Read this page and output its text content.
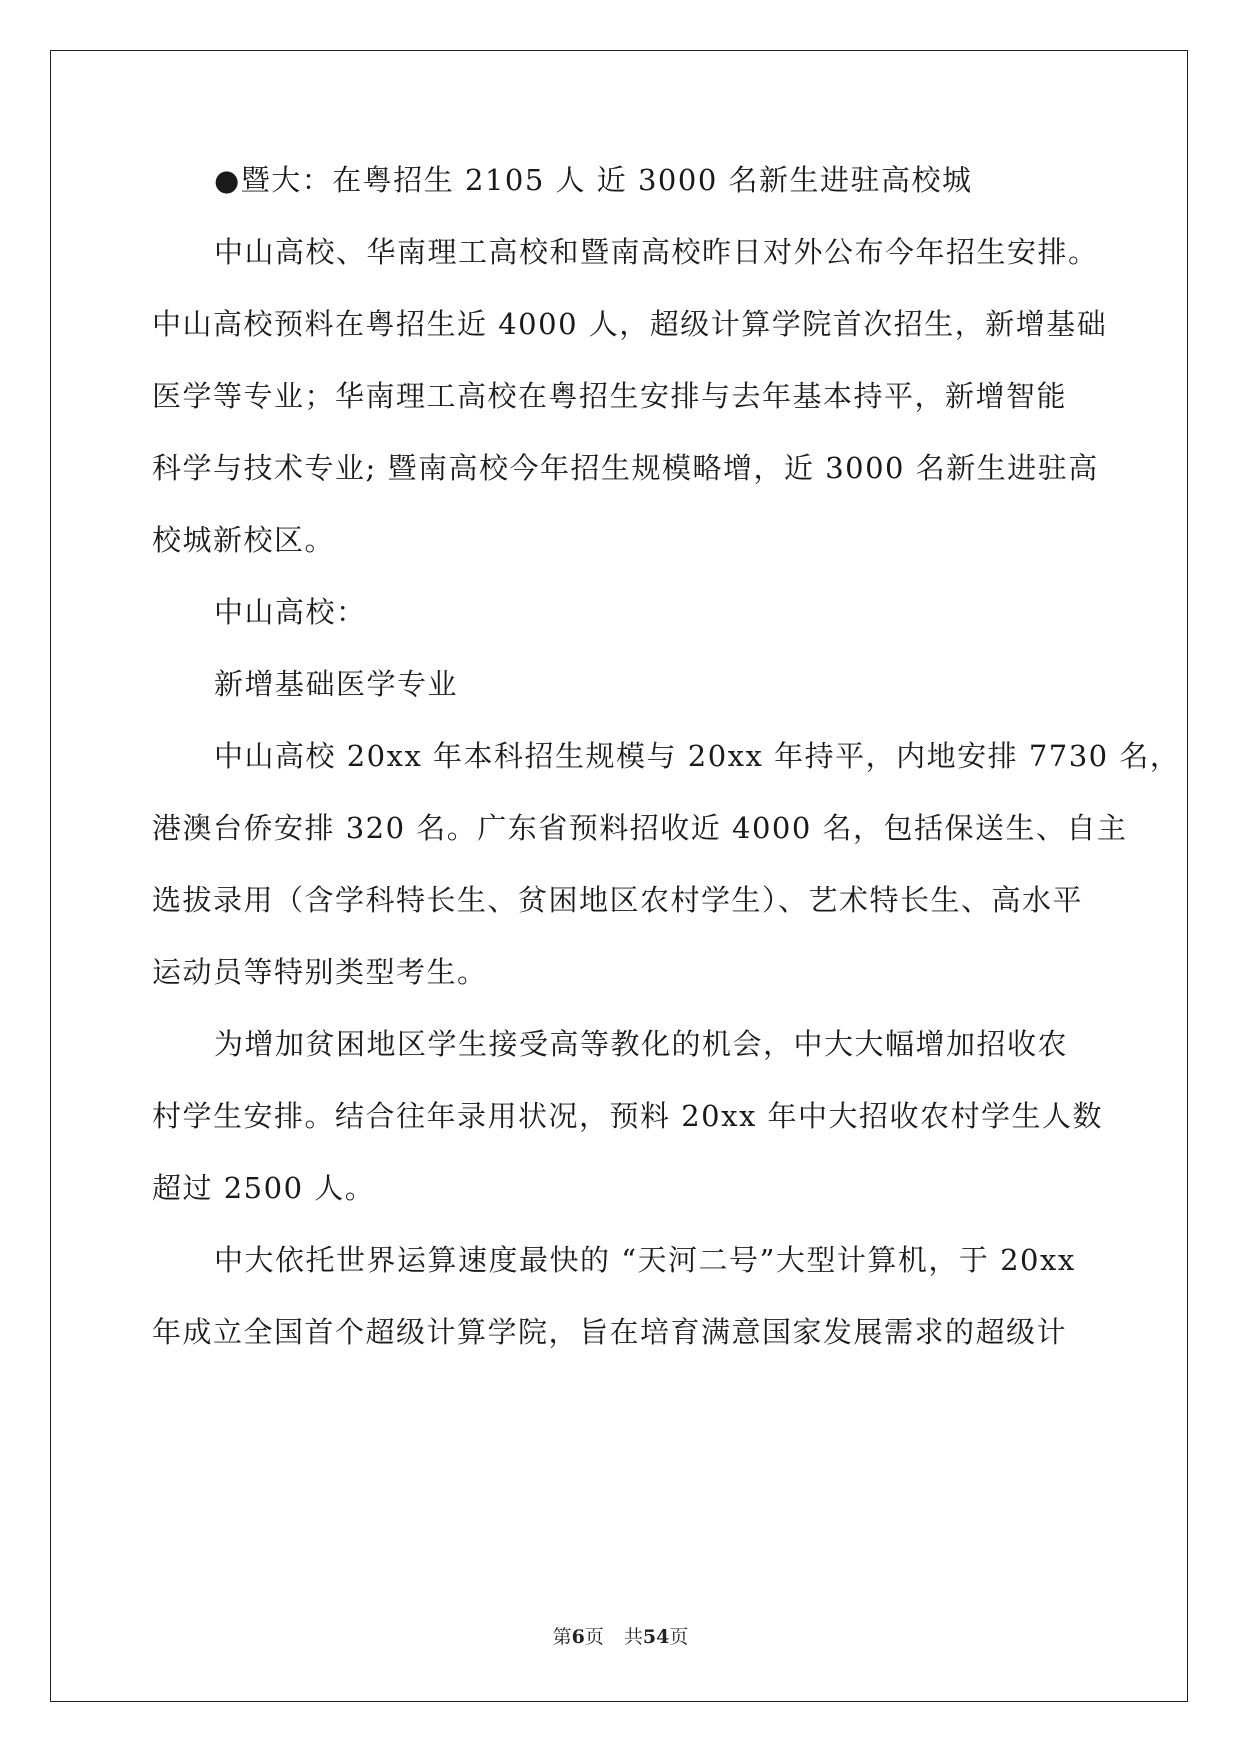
●暨大：在粤招生 2105 人 近 3000 名新生进驻高校城
中山高校、华南理工高校和暨南高校昨日对外公布今年招生安排。
中山高校预料在粤招生近 4000 人，超级计算学院首次招生，新增基础
医学等专业；华南理工高校在粤招生安排与去年基本持平，新增智能
科学与技术专业; 暨南高校今年招生规模略增，近 3000 名新生进驻高
校城新校区。
中山高校：
新增基础医学专业
中山高校 20xx 年本科招生规模与 20xx 年持平，内地安排 7730 名，
港澳台侨安排 320 名。广东省预料招收近 4000 名，包括保送生、自主
选拔录用（含学科特长生、贫困地区农村学生）、艺术特长生、高水平
运动员等特别类型考生。
为增加贫困地区学生接受高等教化的机会，中大大幅增加招收农
村学生安排。结合往年录用状况，预料 20xx 年中大招收农村学生人数
超过 2500 人。
中大依托世界运算速度最快的 “天河二号”大型计算机，于 20xx
年成立全国首个超级计算学院，旨在培育满意国家发展需求的超级计
第6页 共54页
